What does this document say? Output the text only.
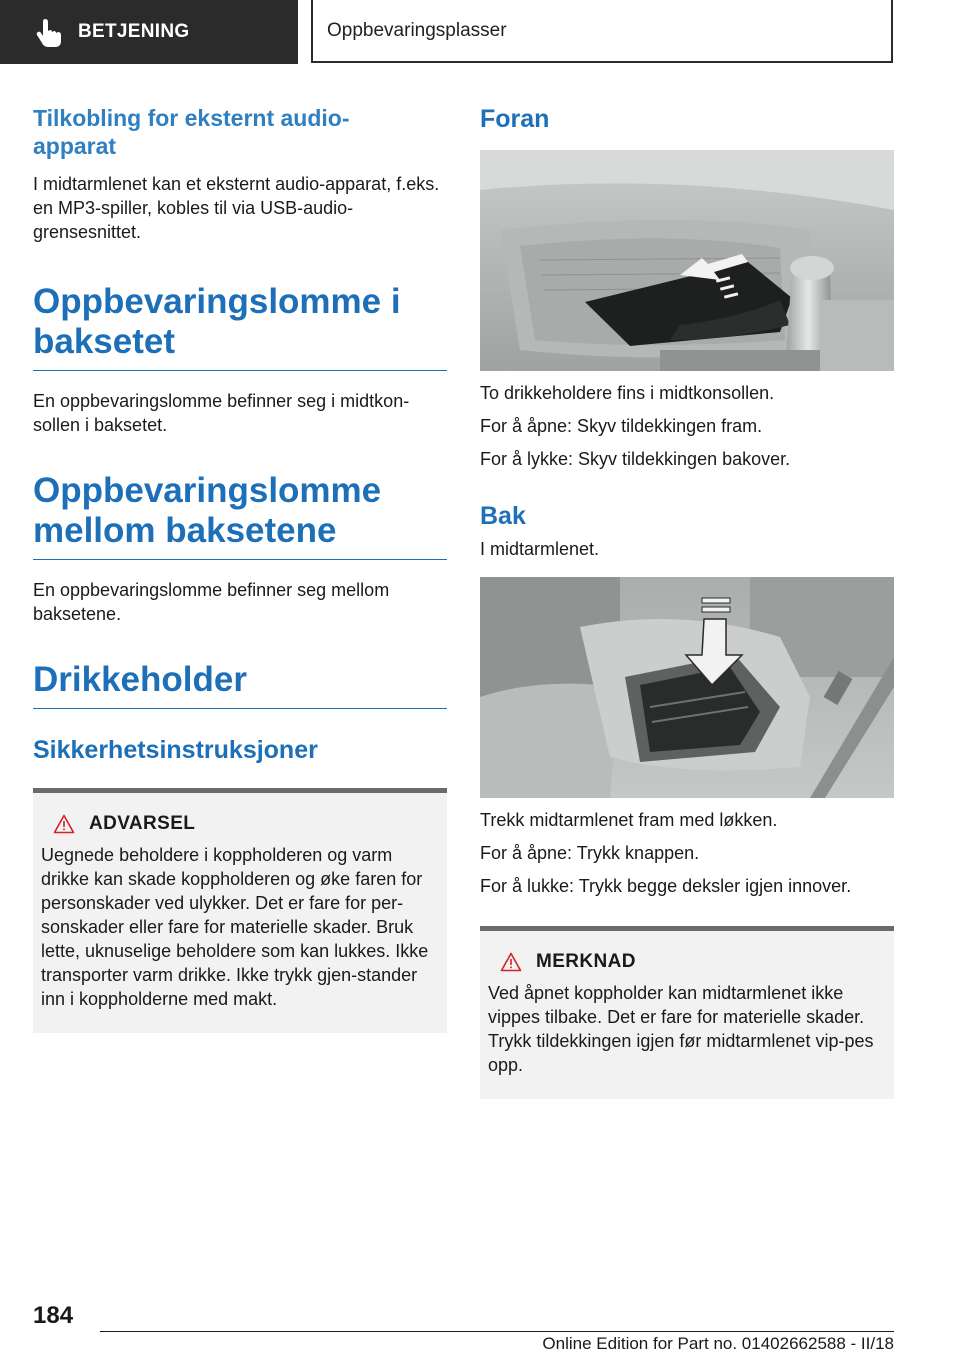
BETJENING	Oppbevaringsplasser
Tilkobling for eksternt audio-apparat

I midtarmlenet kan et eksternt audio-apparat, f.eks. en MP3-spiller, kobles til via USB-audio-grensesnittet.

Oppbevaringslomme i baksetet

En oppbevaringslomme befinner seg i midtkon-sollen i baksetet.

Oppbevaringslomme mellom baksetene

En oppbevaringslomme befinner seg mellom baksetene.

Drikkeholder
Sikkerhetsinstruksjoner
ADVARSEL

Uegnede beholdere i koppholderen og varm drikke kan skade koppholderen og øke faren for personskader ved ulykker. Det er fare for per-sonskader eller fare for materielle skader. Bruk lette, uknuselige beholdere som kan lukkes. Ikke transporter varm drikke. Ikke trykk gjen-stander inn i koppholderne med makt.

Foran

To drikkeholdere fins i midtkonsollen.

For å åpne: Skyv tildekkingen fram.

For å lykke: Skyv tildekkingen bakover.

Bak

I midtarmlenet.

Trekk midtarmlenet fram med løkken.

For å åpne: Trykk knappen.

For å lukke: Trykk begge deksler igjen innover.

MERKNAD

Ved åpnet koppholder kan midtarmlenet ikke vippes tilbake. Det er fare for materielle skader. Trykk tildekkingen igjen før midtarmlenet vip-pes opp.

184
Online Edition for Part no. 01402662588 - II/18
